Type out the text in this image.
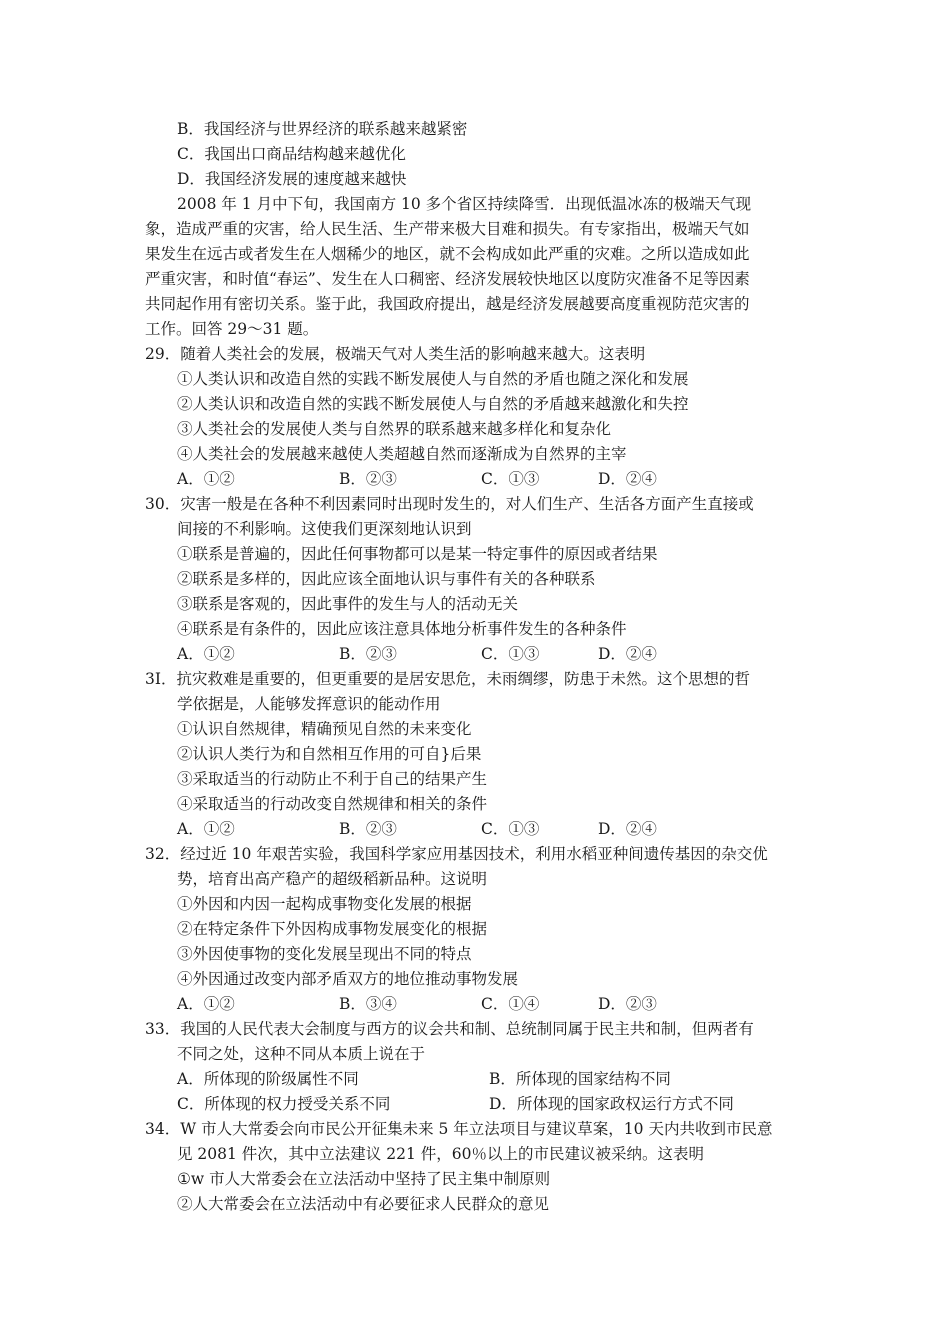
B．我国经济与世界经济的联系越来越紧密
C．我国出口商品结构越来越优化
D．我国经济发展的速度越来越快
2008 年 1 月中下旬，我国南方 10 多个省区持续降雪．出现低温冰冻的极端天气现
象，造成严重的灾害，给人民生活、生产带来极大目难和损失。有专家指出，极端天气如
果发生在远古或者发生在人烟稀少的地区，就不会构成如此严重的灾难。之所以造成如此
严重灾害，和时值“春运”、发生在人口稠密、经济发展较快地区以度防灾准备不足等因素
共同起作用有密切关系。鉴于此，我国政府提出，越是经济发展越要高度重视防范灾害的
工作。回答 29～31 题。
29．随着人类社会的发展，极端天气对人类生活的影响越来越大。这表明
①人类认识和改造自然的实践不断发展使人与自然的矛盾也随之深化和发展
②人类认识和改造自然的实践不断发展使人与自然的矛盾越来越激化和失控
③人类社会的发展使人类与自然界的联系越来越多样化和复杂化
④人类社会的发展越来越使人类超越自然而逐渐成为自然界的主宰
A．①②	B．②③	C．①③	D．②④
30．灾害一般是在各种不利因素同时出现时发生的，对人们生产、生活各方面产生直接或
间接的不利影响。这使我们更深刻地认识到
①联系是普遍的，因此任何事物都可以是某一特定事件的原因或者结果
②联系是多样的，因此应该全面地认识与事件有关的各种联系
③联系是客观的，因此事件的发生与人的活动无关
④联系是有条件的，因此应该注意具体地分析事件发生的各种条件
A．①②	B．②③	C．①③	D．②④
3I．抗灾救难是重要的，但更重要的是居安思危，未雨绸缪，防患于未然。这个思想的哲
学依据是，人能够发挥意识的能动作用
①认识自然规律，精确预见自然的未来变化
②认识人类行为和自然相互作用的可自}后果
③采取适当的行动防止不利于自己的结果产生
④采取适当的行动改变自然规律和相关的条件
A．①②	B．②③	C．①③	D．②④
32．经过近 10 年艰苦实验，我国科学家应用基因技术，利用水稻亚种间遗传基因的杂交优
势，培育出高产稳产的超级稻新品种。这说明
①外因和内因一起构成事物变化发展的根据
②在特定条件下外因构成事物发展变化的根据
③外因使事物的变化发展呈现出不同的特点
④外因通过改变内部矛盾双方的地位推动事物发展
A．①②	B．③④	C．①④	D．②③
33．我国的人民代表大会制度与西方的议会共和制、总统制同属于民主共和制，但两者有
不同之处，这种不同从本质上说在于
A．所体现的阶级属性不同	B．所体现的国家结构不同
C．所体现的权力授受关系不同	D．所体现的国家政权运行方式不同
34．W 市人大常委会向市民公开征集未来 5 年立法项目与建议草案，10 天内共收到市民意
见 2081 件次，其中立法建议 221 件，60％以上的市民建议被采纳。这表明
①w 市人大常委会在立法活动中坚持了民主集中制原则
②人大常委会在立法活动中有必要征求人民群众的意见
